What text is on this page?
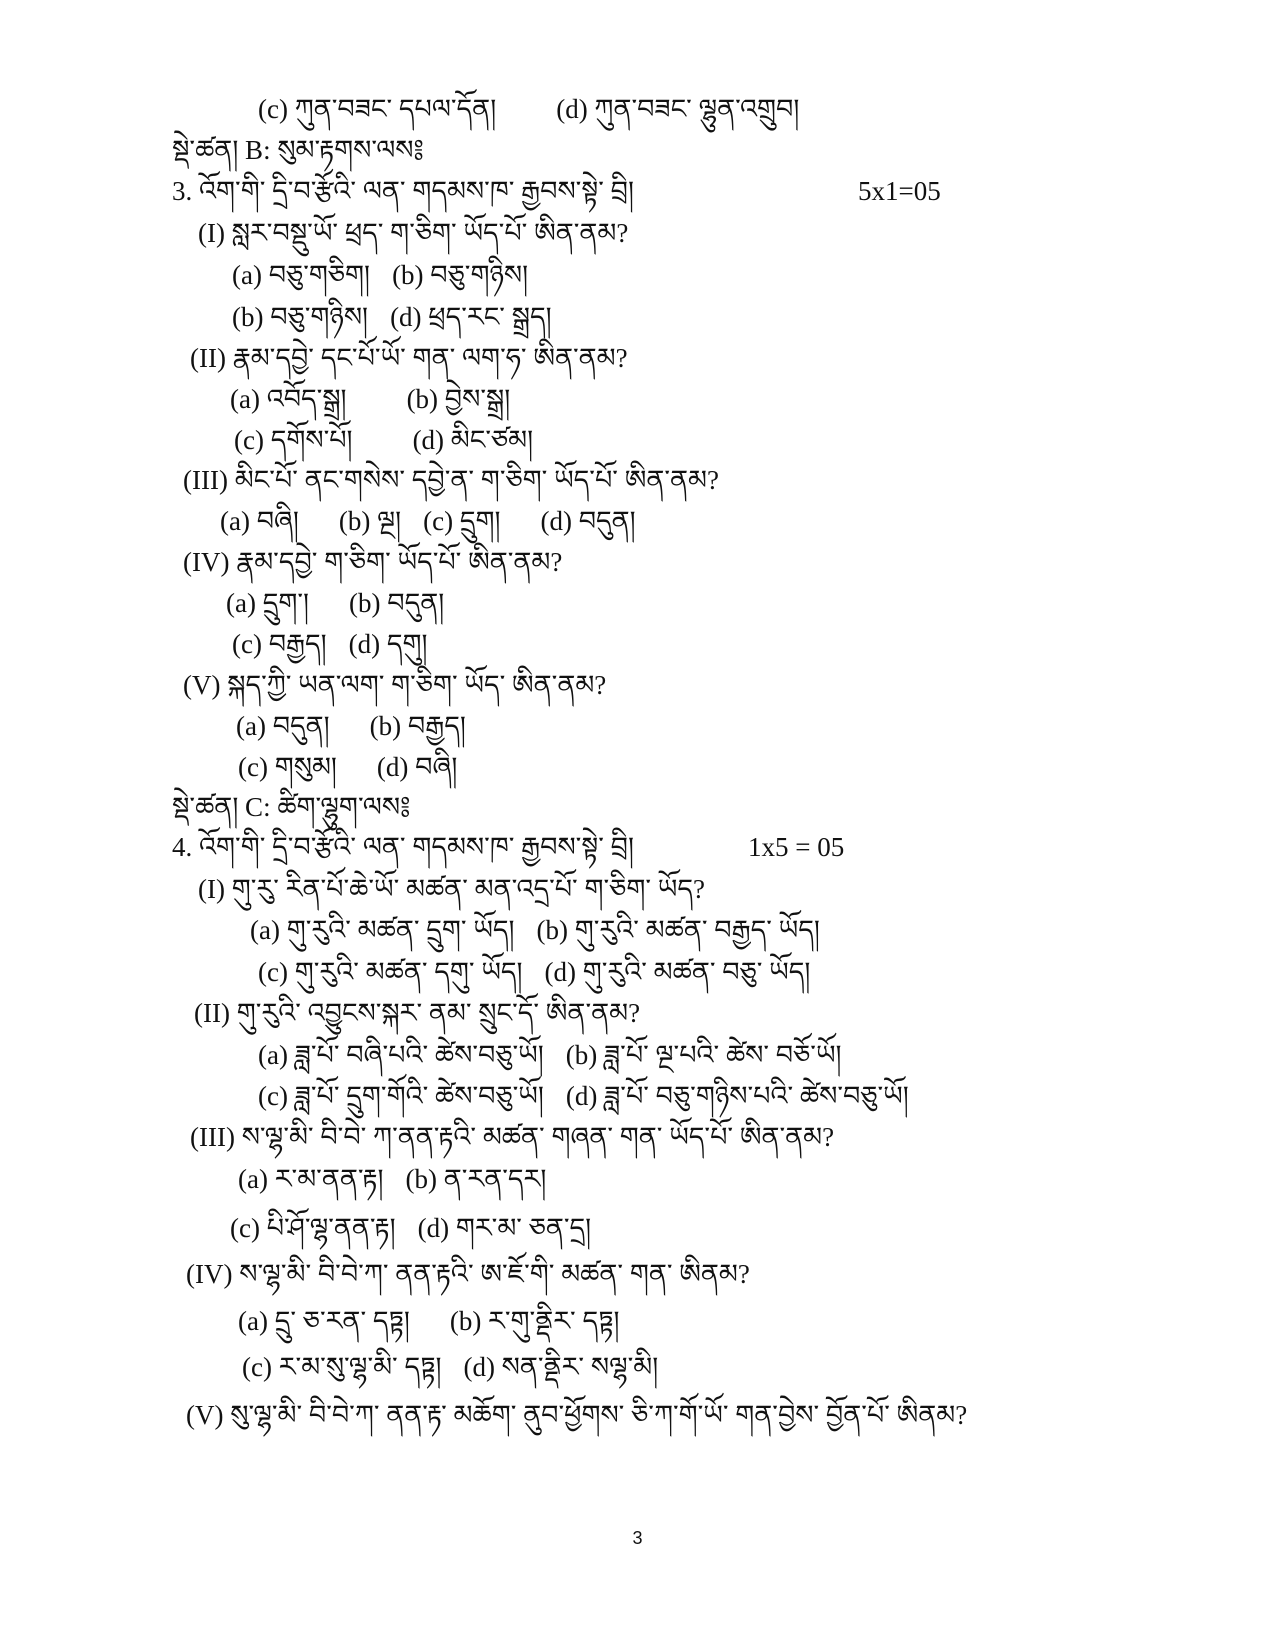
(c) ཀུན་བཟང་ དཔལ་དོན། (d) ཀུན་བཟང་ ལྷུན་འགྲུབ།
སྡེ་ཚན། B: སུམ་རྟགས་ལས༔
3. འོག་གི་ དྲི་བ་རྩོའི་ ལན་ གདམས་ཁ་ རྒྱབས་སྟེ་ བྲི།	5x1=05
(I) སླར་བསྡུ་ཡོ་ ཕྲད་ ག་ཅིག་ ཡོད་པོ་ ཨིན་ནམ?
(a) བཅུ་གཅིག། (b) བཅུ་གཉིས།
(b) བཅུ་གཉིས། (d) ཕྲད་རང་ སྒྲད།
(II) རྣམ་དབྱེ་ དང་པོ་ཡོ་ གན་ ལག་ཧ་ ཨིན་ནམ?
(a) འབོད་སྒྲ། (b) བྱེས་སྒྲ།
(c) དགོས་པོ། (d) མིང་ཙམ།
(III) མིང་པོ་ ནང་གསེས་ དབྱེ་ན་ ག་ཅིག་ ཡོད་པོ་ ཨིན་ནམ?
(a) བཞི། (b) ལྔ། (c) དྲུག། (d) བདུན།
(IV) རྣམ་དབྱེ་ ག་ཅིག་ ཡོད་པོ་ ཨིན་ནམ?
(a) དྲུག་། (b) བདུན།
(c) བརྒྱད། (d) དགུ།
(V) སྐད་ཀྱི་ ཡན་ལག་ ག་ཅིག་ ཡོད་ ཨིན་ནམ?
(a) བདུན། (b) བརྒྱད།
(c) གསུམ། (d) བཞི།
སྡེ་ཚན། C: ཚིག་ལྷུག་ལས༔
4. འོག་གི་ དྲི་བ་རྩོའི་ ལན་ གདམས་ཁ་ རྒྱབས་སྟེ་ བྲི།	1x5 = 05
(I) གུ་རུ་ རིན་པོ་ཆེ་ཡོ་ མཚན་ མན་འདྲ་པོ་ ག་ཅིག་ ཡོད?
(a) གུ་རུའི་ མཚན་ དྲུག་ ཡོད། (b) གུ་རུའི་ མཚན་ བརྒྱད་ ཡོད།
(c) གུ་རུའི་ མཚན་ དགུ་ ཡོད། (d) གུ་རུའི་ མཚན་ བཅུ་ ཡོད།
(II) གུ་རུའི་ འབྱུངས་སྐར་ ནམ་ སྲུང་དོ་ ཨིན་ནམ?
(a) ཟླ་པོ་ བཞི་པའི་ ཚེས་བཅུ་ཡོ། (b) ཟླ་པོ་ ལྔ་པའི་ ཚེས་ བཅོ་ཡོ།
(c) ཟླ་པོ་ དྲུག་གོའི་ ཚེས་བཅུ་ཡོ། (d) ཟླ་པོ་ བཅུ་གཉིས་པའི་ ཚེས་བཅུ་ཡོ།
(III) ས་ལྷ་མི་ བི་བེ་ ཀ་ནན་རྟའི་ མཚན་ གཞན་ གན་ ཡོད་པོ་ ཨིན་ནམ?
(a) ར་མ་ནན་རྟ། (b) ན་རན་དར།
(c) པི་ཤོ་ལྷ་ནན་རྟ། (d) གར་མ་ ཅན་དྲ།
(IV) ས་ལྷ་མི་ བི་བེ་ཀ་ ནན་རྟའི་ ཨ་ཇོ་གི་ མཚན་ གན་ ཨིནམ?
(a) དྲུ་ ཅ་རན་ དཏྟ། (b) ར་གུ་ནྡིར་ དཏྟ།
(c) ར་མ་སུ་ལྷ་མི་ དཏྟ། (d) སན་ནྡིར་ སལྷ་མི།
(V) སུ་ལྷ་མི་ བི་བེ་ཀ་ ནན་རྟ་ མཆོག་ ནུབ་ཕྱོགས་ ཅི་ཀ་གོ་ཡོ་ གན་བྱེས་ བྱོན་པོ་ ཨིནམ?
3
